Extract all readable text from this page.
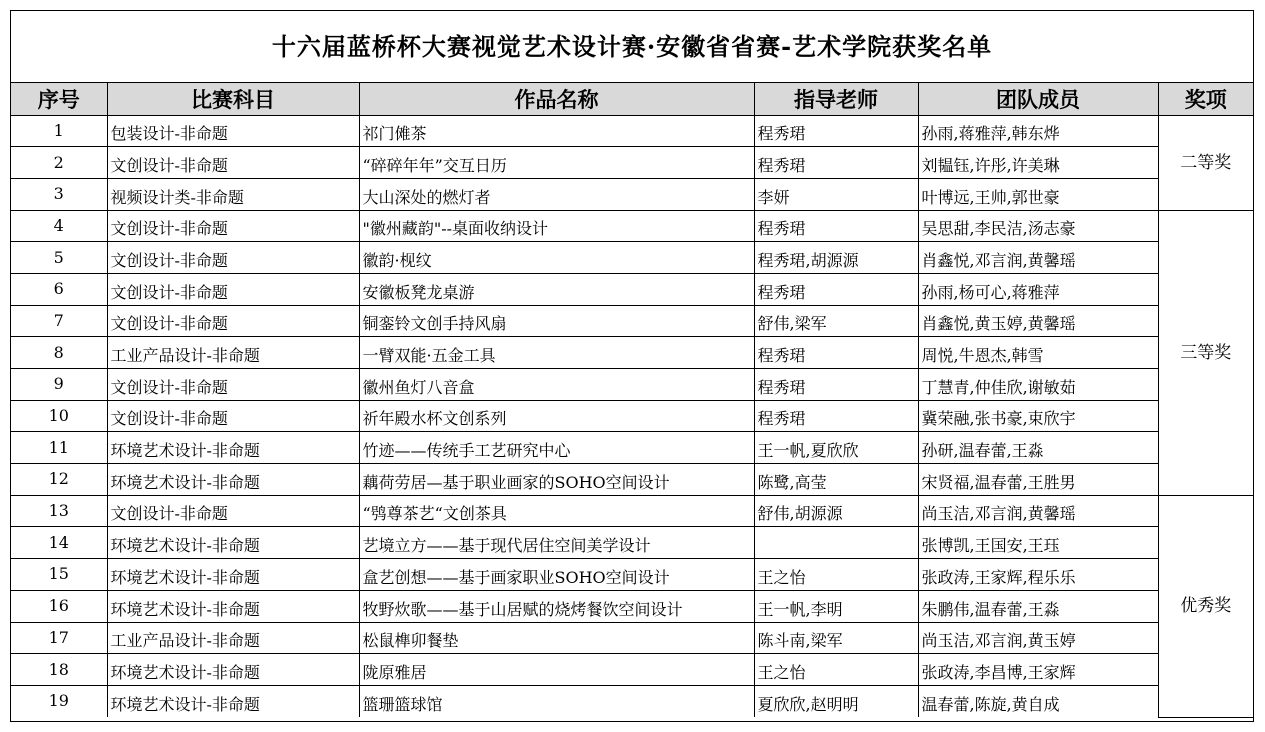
十六届蓝桥杯大赛视觉艺术设计赛·安徽省省赛-艺术学院获奖名单
序号	比赛科目	作品名称	指导老师	团队成员	奖项
1	包装设计-非命题	祁门傩茶	程秀珺	孙雨,蒋雅萍,韩东烨	二等奖
2	文创设计-非命题	“碎碎年年”交互日历	程秀珺	刘韫钰,许彤,许美琳	
3	视频设计类-非命题	大山深处的燃灯者	李妍	叶博远,王帅,郭世豪	
4	文创设计-非命题	"徽州藏韵"--桌面收纳设计	程秀珺	吴思甜,李民洁,汤志豪	三等奖
5	文创设计-非命题	徽韵·枧纹	程秀珺,胡源源	肖鑫悦,邓言润,黄馨瑶	
6	文创设计-非命题	安徽板凳龙桌游	程秀珺	孙雨,杨可心,蒋雅萍	
7	文创设计-非命题	铜銮铃文创手持风扇	舒伟,梁军	肖鑫悦,黄玉婷,黄馨瑶	
8	工业产品设计-非命题	一臂双能·五金工具	程秀珺	周悦,牛恩杰,韩雪	
9	文创设计-非命题	徽州鱼灯八音盒	程秀珺	丁慧青,仲佳欣,谢敏茹	
10	文创设计-非命题	祈年殿水杯文创系列	程秀珺	冀荣融,张书豪,束欣宇	
11	环境艺术设计-非命题	竹迹——传统手工艺研究中心	王一帆,夏欣欣	孙研,温春蕾,王淼	
12	环境艺术设计-非命题	藕荷劳居—基于职业画家的SOHO空间设计	陈鹭,高莹	宋贤福,温春蕾,王胜男	
13	文创设计-非命题	“鸮尊茶艺“文创茶具	舒伟,胡源源	尚玉洁,邓言润,黄馨瑶	优秀奖
14	环境艺术设计-非命题	艺境立方——基于现代居住空间美学设计		张博凯,王国安,王珏	
15	环境艺术设计-非命题	盒艺创想——基于画家职业SOHO空间设计	王之怡	张政涛,王家辉,程乐乐	
16	环境艺术设计-非命题	牧野炊歌——基于山居赋的烧烤餐饮空间设计	王一帆,李明	朱鹏伟,温春蕾,王淼	
17	工业产品设计-非命题	松鼠榫卯餐垫	陈斗南,梁军	尚玉洁,邓言润,黄玉婷	
18	环境艺术设计-非命题	陇原雅居	王之怡	张政涛,李昌博,王家辉	
19	环境艺术设计-非命题	篮珊篮球馆	夏欣欣,赵明明	温春蕾,陈旋,黄自成	
